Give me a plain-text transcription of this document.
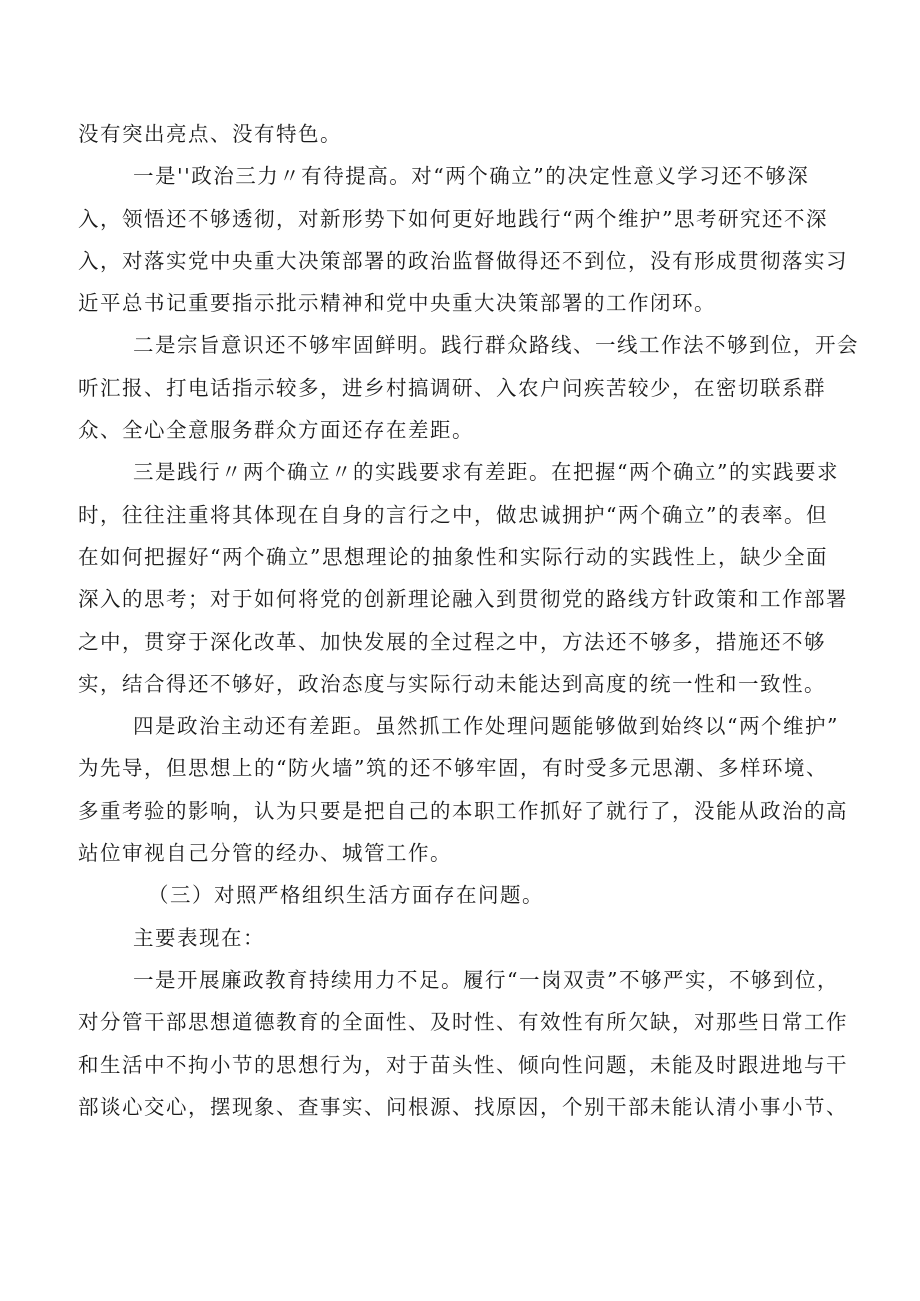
没有突出亮点、没有特色。
一是''政治三力〃有待提高。对“两个确立”的决定性意义学习还不够深
入，领悟还不够透彻，对新形势下如何更好地践行“两个维护”思考研究还不深
入，对落实党中央重大决策部署的政治监督做得还不到位，没有形成贯彻落实习
近平总书记重要指示批示精神和党中央重大决策部署的工作闭环。
二是宗旨意识还不够牢固鲜明。践行群众路线、一线工作法不够到位，开会
听汇报、打电话指示较多，进乡村搞调研、入农户问疾苦较少，在密切联系群
众、全心全意服务群众方面还存在差距。
三是践行〃两个确立〃的实践要求有差距。在把握“两个确立”的实践要求
时，往往注重将其体现在自身的言行之中，做忠诚拥护“两个确立”的表率。但
在如何把握好“两个确立”思想理论的抽象性和实际行动的实践性上，缺少全面
深入的思考；对于如何将党的创新理论融入到贯彻党的路线方针政策和工作部署
之中，贯穿于深化改革、加快发展的全过程之中，方法还不够多，措施还不够
实，结合得还不够好，政治态度与实际行动未能达到高度的统一性和一致性。
四是政治主动还有差距。虽然抓工作处理问题能够做到始终以“两个维护”
为先导，但思想上的“防火墙”筑的还不够牢固，有时受多元思潮、多样环境、
多重考验的影响，认为只要是把自己的本职工作抓好了就行了，没能从政治的高
站位审视自己分管的经办、城管工作。
（三）对照严格组织生活方面存在问题。
主要表现在：
一是开展廉政教育持续用力不足。履行“一岗双责”不够严实，不够到位，
对分管干部思想道德教育的全面性、及时性、有效性有所欠缺，对那些日常工作
和生活中不拘小节的思想行为，对于苗头性、倾向性问题，未能及时跟进地与干
部谈心交心，摆现象、查事实、问根源、找原因，个别干部未能认清小事小节、
